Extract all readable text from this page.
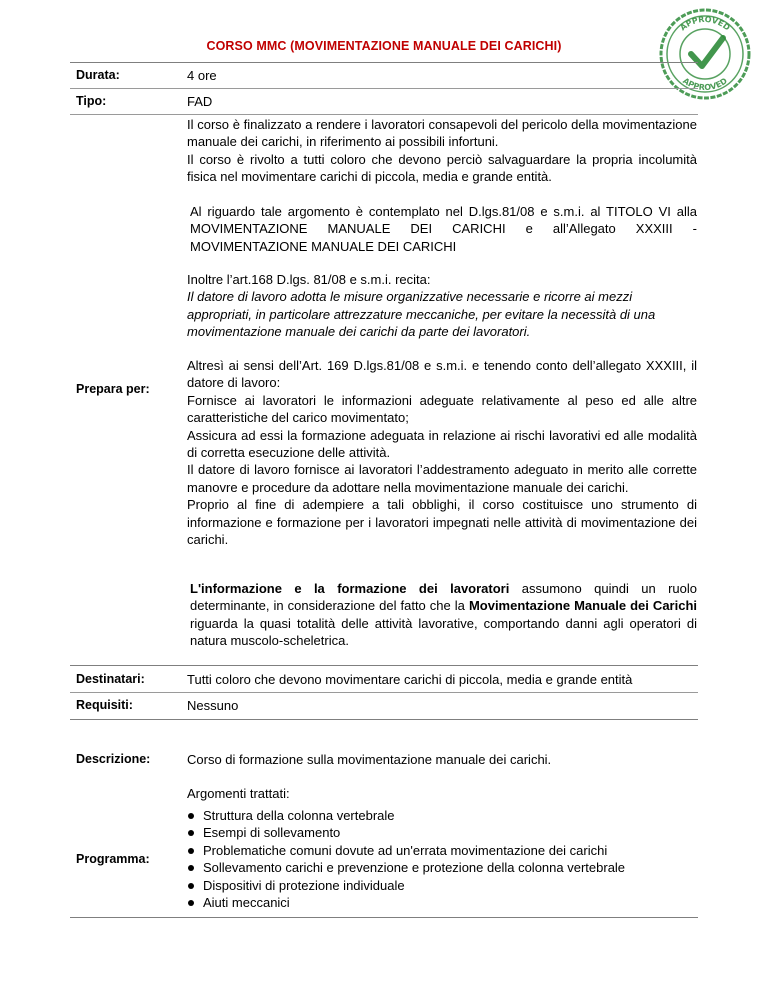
CORSO MMC (MOVIMENTAZIONE MANUALE DEI CARICHI)
APPROVED
APPROVED
Durata:	4 ore
Tipo:	FAD
Prepara per:

Il corso è finalizzato a rendere i lavoratori consapevoli del pericolo della movimentazione manuale dei carichi, in riferimento ai possibili infortuni.

Il corso è rivolto a tutti coloro che devono perciò salvaguardare la propria incolumità fisica nel movimentare carichi di piccola, media e grande entità.

Al riguardo tale argomento è contemplato nel D.lgs.81/08 e s.m.i. al TITOLO VI alla MOVIMENTAZIONE MANUALE DEI CARICHI e all’Allegato XXXIII - MOVIMENTAZIONE MANUALE DEI CARICHI

Inoltre l’art.168 D.lgs. 81/08 e s.m.i. recita:

Il datore di lavoro adotta le misure organizzative necessarie e ricorre ai mezzi appropriati, in particolare attrezzature meccaniche, per evitare la necessità di una movimentazione manuale dei carichi da parte dei lavoratori.

Altresì ai sensi dell’Art. 169 D.lgs.81/08 e s.m.i. e tenendo conto dell’allegato XXXIII, il datore di lavoro:

Fornisce ai lavoratori le informazioni adeguate relativamente al peso ed alle altre caratteristiche del carico movimentato;

Assicura ad essi la formazione adeguata in relazione ai rischi lavorativi ed alle modalità di corretta esecuzione delle attività.

Il datore di lavoro fornisce ai lavoratori l’addestramento adeguato in merito alle corrette manovre e procedure da adottare nella movimentazione manuale dei carichi.

Proprio al fine di adempiere a tali obblighi, il corso costituisce uno strumento di informazione e formazione per i lavoratori impegnati nelle attività di movimentazione dei carichi.

L'informazione e la formazione dei lavoratori assumono quindi un ruolo determinante, in considerazione del fatto che la Movimentazione Manuale dei Carichi riguarda la quasi totalità delle attività lavorative, comportando danni agli operatori di natura muscolo-scheletrica.

Destinatari:	Tutti coloro che devono movimentare carichi di piccola, media e grande entità
Requisiti:	Nessuno
Descrizione:	Corso di formazione sulla movimentazione manuale dei carichi.
Programma:
Argomenti trattati:
Struttura della colonna vertebrale
Esempi di sollevamento
Problematiche comuni dovute ad un'errata movimentazione dei carichi
Sollevamento carichi e prevenzione e protezione della colonna vertebrale
Dispositivi di protezione individuale
Aiuti meccanici
